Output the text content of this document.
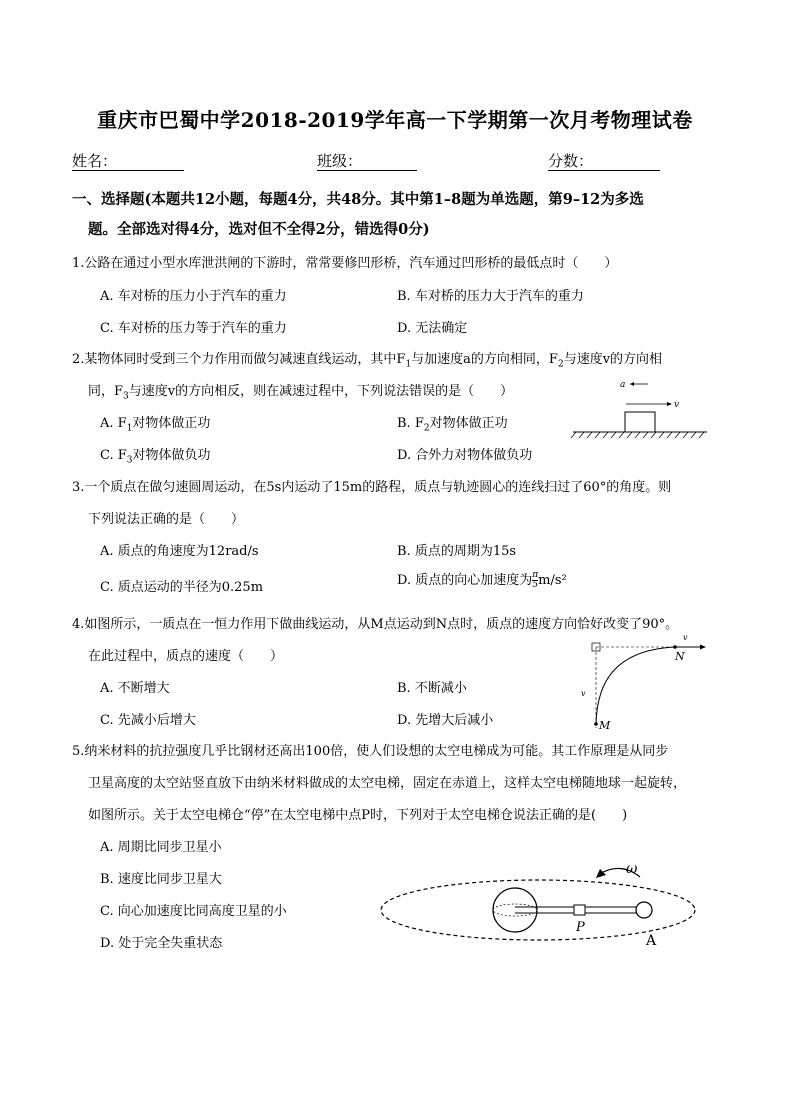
重庆市巴蜀中学2018-2019学年高一下学期第一次月考物理试卷
姓名：	班级：	分数：
一、选择题(本题共12小题，每题4分，共48分。其中第1–8题为单选题，第9–12为多选
题。全部选对得4分，选对但不全得2分，错选得0分)
1.公路在通过小型水库泄洪闸的下游时，常常要修凹形桥，汽车通过凹形桥的最低点时（　　）
A. 车对桥的压力小于汽车的重力	B. 车对桥的压力大于汽车的重力
C. 车对桥的压力等于汽车的重力	D. 无法确定
2.某物体同时受到三个力作用而做匀减速直线运动，其中$F_1$与加速度a的方向相同，$F_2$与速度v的方向相
同，$F_3$与速度v的方向相反，则在减速过程中，下列说法错误的是（　　）
A. $F_1$对物体做正功	B. $F_2$对物体做正功
C. $F_3$对物体做负功	D. 合外力对物体做负功
a
v
3.一个质点在做匀速圆周运动，在5s内运动了15m的路程，质点与轨迹圆心的连线扫过了60°的角度。则
下列说法正确的是（　　）
A. 质点的角速度为12rad/s	B. 质点的周期为15s
C. 质点运动的半径为0.25m	D. 质点的向心加速度为 $\frac{\pi}{5} m/s^2$
4.如图所示，一质点在一恒力作用下做曲线运动，从M点运动到N点时，质点的速度方向恰好改变了90°。
在此过程中，质点的速度（　　）
A. 不断增大	B. 不断减小
C. 先减小后增大	D. 先增大后减小
v
N
v
M
5.纳米材料的抗拉强度几乎比钢材还高出100倍，使人们设想的太空电梯成为可能。其工作原理是从同步
卫星高度的太空站竖直放下由纳米材料做成的太空电梯，固定在赤道上，这样太空电梯随地球一起旋转，
如图所示。关于太空电梯仓“停”在太空电梯中点P时，下列对于太空电梯仓说法正确的是(　　)
A. 周期比同步卫星小
B. 速度比同步卫星大
C. 向心加速度比同高度卫星的小
D. 处于完全失重状态
ω
P
A
